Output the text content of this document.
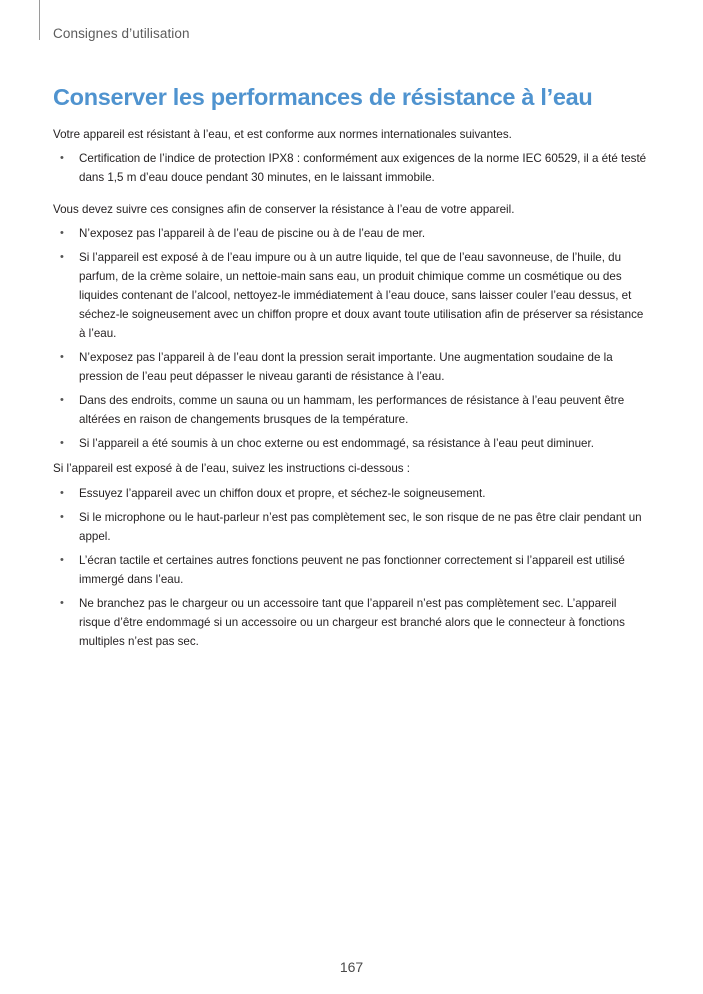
Consignes d’utilisation
Conserver les performances de résistance à l’eau

Votre appareil est résistant à l’eau, et est conforme aux normes internationales suivantes.

• Certification de l’indice de protection IPX8 : conformément aux exigences de la norme IEC 60529, il a été testé dans 1,5 m d’eau douce pendant 30 minutes, en le laissant immobile.

Vous devez suivre ces consignes afin de conserver la résistance à l’eau de votre appareil.

• N’exposez pas l’appareil à de l’eau de piscine ou à de l’eau de mer.
• Si l’appareil est exposé à de l’eau impure ou à un autre liquide, tel que de l’eau savonneuse, de l’huile, du parfum, de la crème solaire, un nettoie-main sans eau, un produit chimique comme un cosmétique ou des liquides contenant de l’alcool, nettoyez-le immédiatement à l’eau douce, sans laisser couler l’eau dessus, et séchez-le soigneusement avec un chiffon propre et doux avant toute utilisation afin de préserver sa résistance à l’eau.
• N’exposez pas l’appareil à de l’eau dont la pression serait importante. Une augmentation soudaine de la pression de l’eau peut dépasser le niveau garanti de résistance à l’eau.
• Dans des endroits, comme un sauna ou un hammam, les performances de résistance à l’eau peuvent être altérées en raison de changements brusques de la température.
• Si l’appareil a été soumis à un choc externe ou est endommagé, sa résistance à l’eau peut diminuer.

Si l’appareil est exposé à de l’eau, suivez les instructions ci-dessous :

• Essuyez l’appareil avec un chiffon doux et propre, et séchez-le soigneusement.
• Si le microphone ou le haut-parleur n’est pas complètement sec, le son risque de ne pas être clair pendant un appel.
• L’écran tactile et certaines autres fonctions peuvent ne pas fonctionner correctement si l’appareil est utilisé immergé dans l’eau.
• Ne branchez pas le chargeur ou un accessoire tant que l’appareil n’est pas complètement sec. L’appareil risque d’être endommagé si un accessoire ou un chargeur est branché alors que le connecteur à fonctions multiples n’est pas sec.
167
